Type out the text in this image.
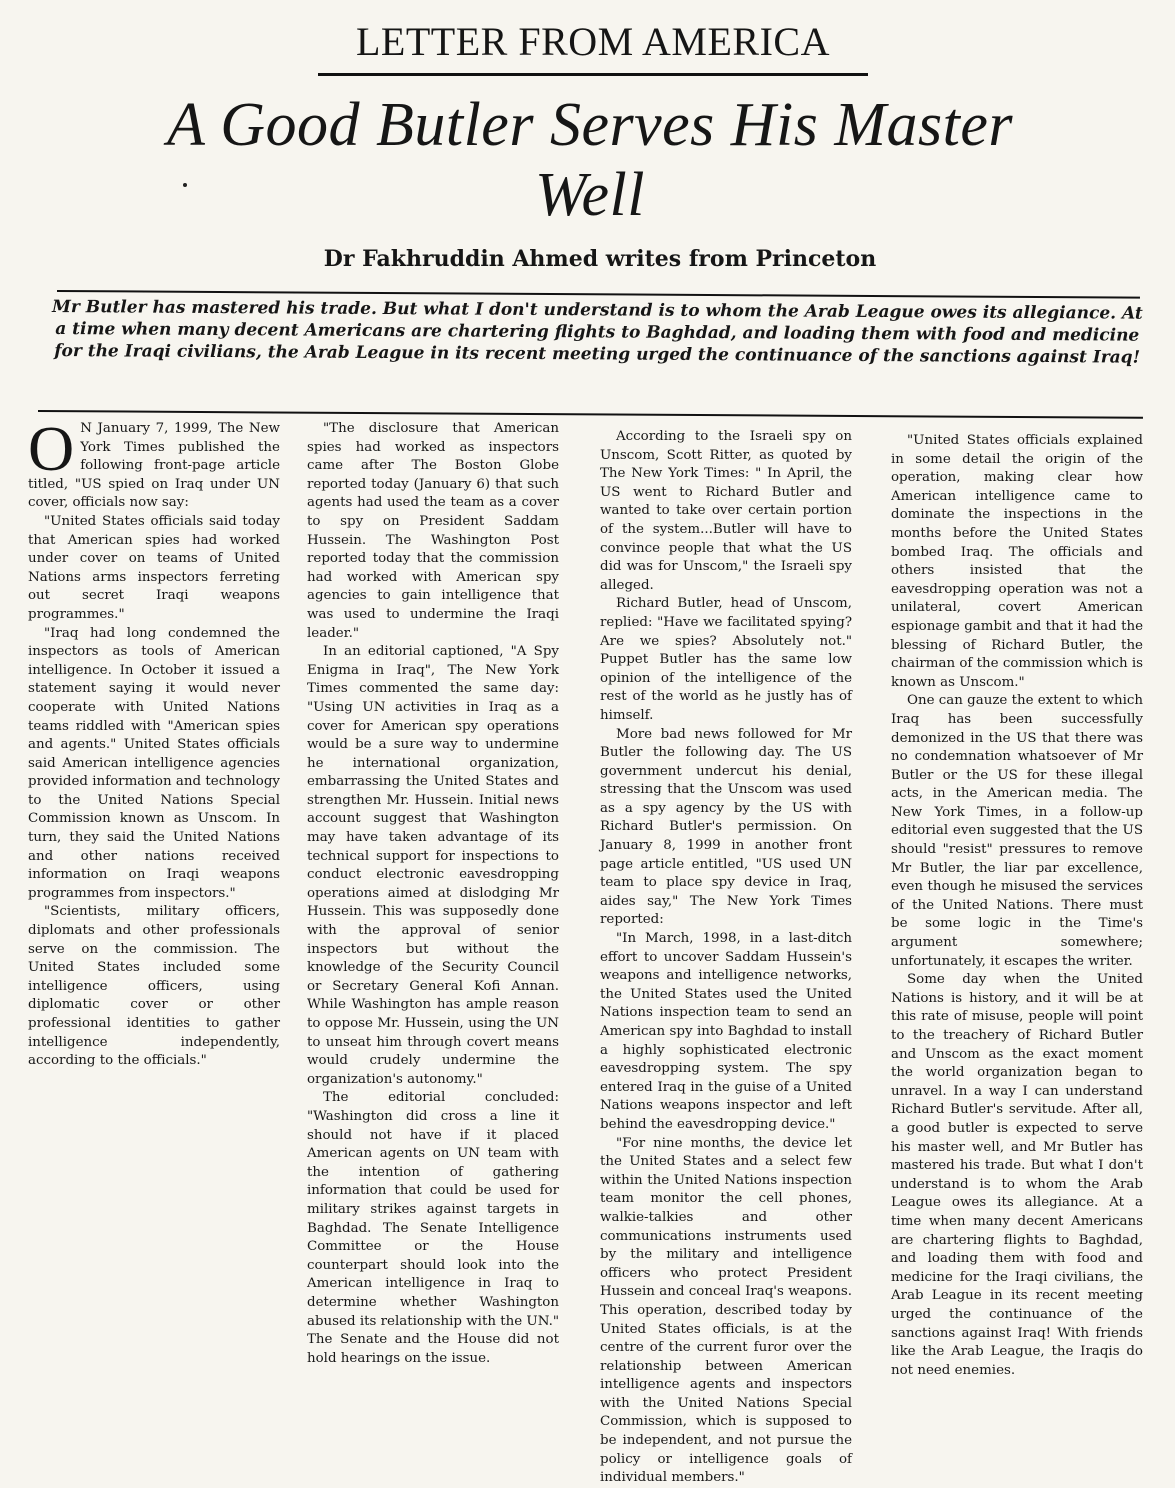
LETTER FROM AMERICA
A Good Butler Serves His Master Well
Dr Fakhruddin Ahmed writes from Princeton
Mr Butler has mastered his trade. But what I don't understand is to whom the Arab League owes its allegiance. At a time when many decent Americans are chartering flights to Baghdad, and loading them with food and medicine for the Iraqi civilians, the Arab League in its recent meeting urged the continuance of the sanctions against Iraq!
O N January 7, 1999, The New York Times published the following front-page article titled, "US spied on Iraq under UN cover, officials now say:

"United States officials said today that American spies had worked under cover on teams of United Nations arms inspectors ferreting out secret Iraqi weapons programmes."

"Iraq had long condemned the inspectors as tools of American intelligence. In October it issued a statement saying it would never cooperate with United Nations teams riddled with "American spies and agents." United States officials said American intelligence agencies provided information and technology to the United Nations Special Commission known as Unscom. In turn, they said the United Nations and other nations received information on Iraqi weapons programmes from inspectors."

"Scientists, military officers, diplomats and other professionals serve on the commission. The United States included some intelligence officers, using diplomatic cover or other professional identities to gather intelligence independently, according to the officials."

"The disclosure that American spies had worked as inspectors came after The Boston Globe reported today (January 6) that such agents had used the team as a cover to spy on President Saddam Hussein. The Washington Post reported today that the commission had worked with American spy agencies to gain intelligence that was used to undermine the Iraqi leader."

In an editorial captioned, "A Spy Enigma in Iraq", The New York Times commented the same day: "Using UN activities in Iraq as a cover for American spy operations would be a sure way to undermine he international organization, embarrassing the United States and strengthen Mr. Hussein. Initial news account suggest that Washington may have taken advantage of its technical support for inspections to conduct electronic eavesdropping operations aimed at dislodging Mr Hussein. This was supposedly done with the approval of senior inspectors but without the knowledge of the Security Council or Secretary General Kofi Annan. While Washington has ample reason to oppose Mr. Hussein, using the UN to unseat him through covert means would crudely undermine the organization's autonomy."

The editorial concluded: "Washington did cross a line it should not have if it placed American agents on UN team with the intention of gathering information that could be used for military strikes against targets in Baghdad. The Senate Intelligence Committee or the House counterpart should look into the American intelligence in Iraq to determine whether Washington abused its relationship with the UN." The Senate and the House did not hold hearings on the issue.

According to the Israeli spy on Unscom, Scott Ritter, as quoted by The New York Times: " In April, the US went to Richard Butler and wanted to take over certain portion of the system...Butler will have to convince people that what the US did was for Unscom," the Israeli spy alleged.

Richard Butler, head of Unscom, replied: "Have we facilitated spying? Are we spies? Absolutely not." Puppet Butler has the same low opinion of the intelligence of the rest of the world as he justly has of himself.

More bad news followed for Mr Butler the following day. The US government undercut his denial, stressing that the Unscom was used as a spy agency by the US with Richard Butler's permission. On January 8, 1999 in another front page article entitled, "US used UN team to place spy device in Iraq, aides say," The New York Times reported:

"In March, 1998, in a last-ditch effort to uncover Saddam Hussein's weapons and intelligence networks, the United States used the United Nations inspection team to send an American spy into Baghdad to install a highly sophisticated electronic eavesdropping system. The spy entered Iraq in the guise of a United Nations weapons inspector and left behind the eavesdropping device."

"For nine months, the device let the United States and a select few within the United Nations inspection team monitor the cell phones, walkie-talkies and other communications instruments used by the military and intelligence officers who protect President Hussein and conceal Iraq's weapons. This operation, described today by United States officials, is at the centre of the current furor over the relationship between American intelligence agents and inspectors with the United Nations Special Commission, which is supposed to be independent, and not pursue the policy or intelligence goals of individual members."

"United States officials explained in some detail the origin of the operation, making clear how American intelligence came to dominate the inspections in the months before the United States bombed Iraq. The officials and others insisted that the eavesdropping operation was not a unilateral, covert American espionage gambit and that it had the blessing of Richard Butler, the chairman of the commission which is known as Unscom."

One can gauze the extent to which Iraq has been successfully demonized in the US that there was no condemnation whatsoever of Mr Butler or the US for these illegal acts, in the American media. The New York Times, in a follow-up editorial even suggested that the US should "resist" pressures to remove Mr Butler, the liar par excellence, even though he misused the services of the United Nations. There must be some logic in the Time's argument somewhere; unfortunately, it escapes the writer.

Some day when the United Nations is history, and it will be at this rate of misuse, people will point to the treachery of Richard Butler and Unscom as the exact moment the world organization began to unravel. In a way I can understand Richard Butler's servitude. After all, a good butler is expected to serve his master well, and Mr Butler has mastered his trade. But what I don't understand is to whom the Arab League owes its allegiance. At a time when many decent Americans are chartering flights to Baghdad, and loading them with food and medicine for the Iraqi civilians, the Arab League in its recent meeting urged the continuance of the sanctions against Iraq! With friends like the Arab League, the Iraqis do not need enemies.
